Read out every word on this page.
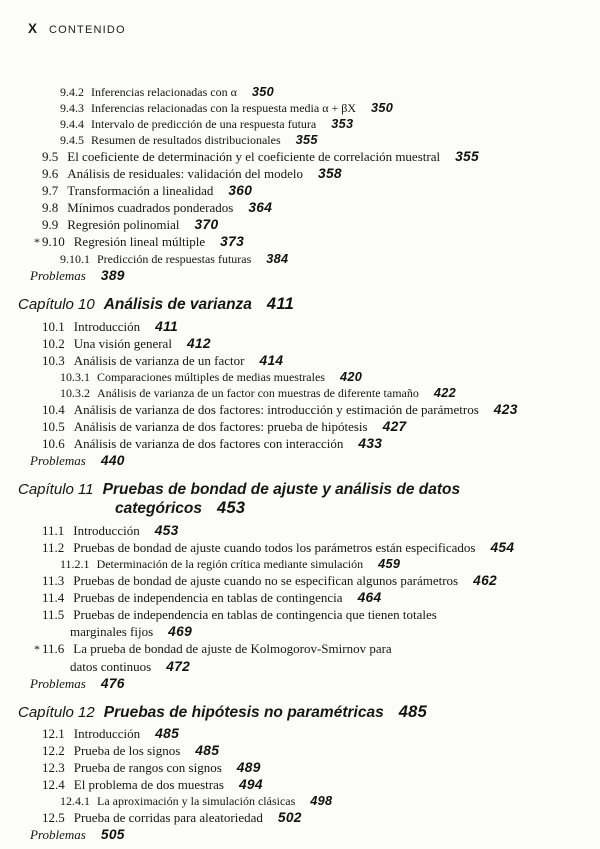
X CONTENIDO
9.4.2 Inferencias relacionadas con α 350
9.4.3 Inferencias relacionadas con la respuesta media α + βX 350
9.4.4 Intervalo de predicción de una respuesta futura 353
9.4.5 Resumen de resultados distribucionales 355
9.5 El coeficiente de determinación y el coeficiente de correlación muestral 355
9.6 Análisis de residuales: validación del modelo 358
9.7 Transformación a linealidad 360
9.8 Mínimos cuadrados ponderados 364
9.9 Regresión polinomial 370
* 9.10 Regresión lineal múltiple 373
9.10.1 Predicción de respuestas futuras 384
Problemas 389
Capítulo 10 Análisis de varianza 411
10.1 Introducción 411
10.2 Una visión general 412
10.3 Análisis de varianza de un factor 414
10.3.1 Comparaciones múltiples de medias muestrales 420
10.3.2 Análisis de varianza de un factor con muestras de diferente tamaño 422
10.4 Análisis de varianza de dos factores: introducción y estimación de parámetros 423
10.5 Análisis de varianza de dos factores: prueba de hipótesis 427
10.6 Análisis de varianza de dos factores con interacción 433
Problemas 440
Capítulo 11 Pruebas de bondad de ajuste y análisis de datos
categóricos 453
11.1 Introducción 453
11.2 Pruebas de bondad de ajuste cuando todos los parámetros están especificados 454
11.2.1 Determinación de la región crítica mediante simulación 459
11.3 Pruebas de bondad de ajuste cuando no se especifican algunos parámetros 462
11.4 Pruebas de independencia en tablas de contingencia 464
11.5 Pruebas de independencia en tablas de contingencia que tienen totales
marginales fijos 469
* 11.6 La prueba de bondad de ajuste de Kolmogorov-Smirnov para
datos continuos 472
Problemas 476
Capítulo 12 Pruebas de hipótesis no paramétricas 485
12.1 Introducción 485
12.2 Prueba de los signos 485
12.3 Prueba de rangos con signos 489
12.4 El problema de dos muestras 494
12.4.1 La aproximación y la simulación clásicas 498
12.5 Prueba de corridas para aleatoriedad 502
Problemas 505
